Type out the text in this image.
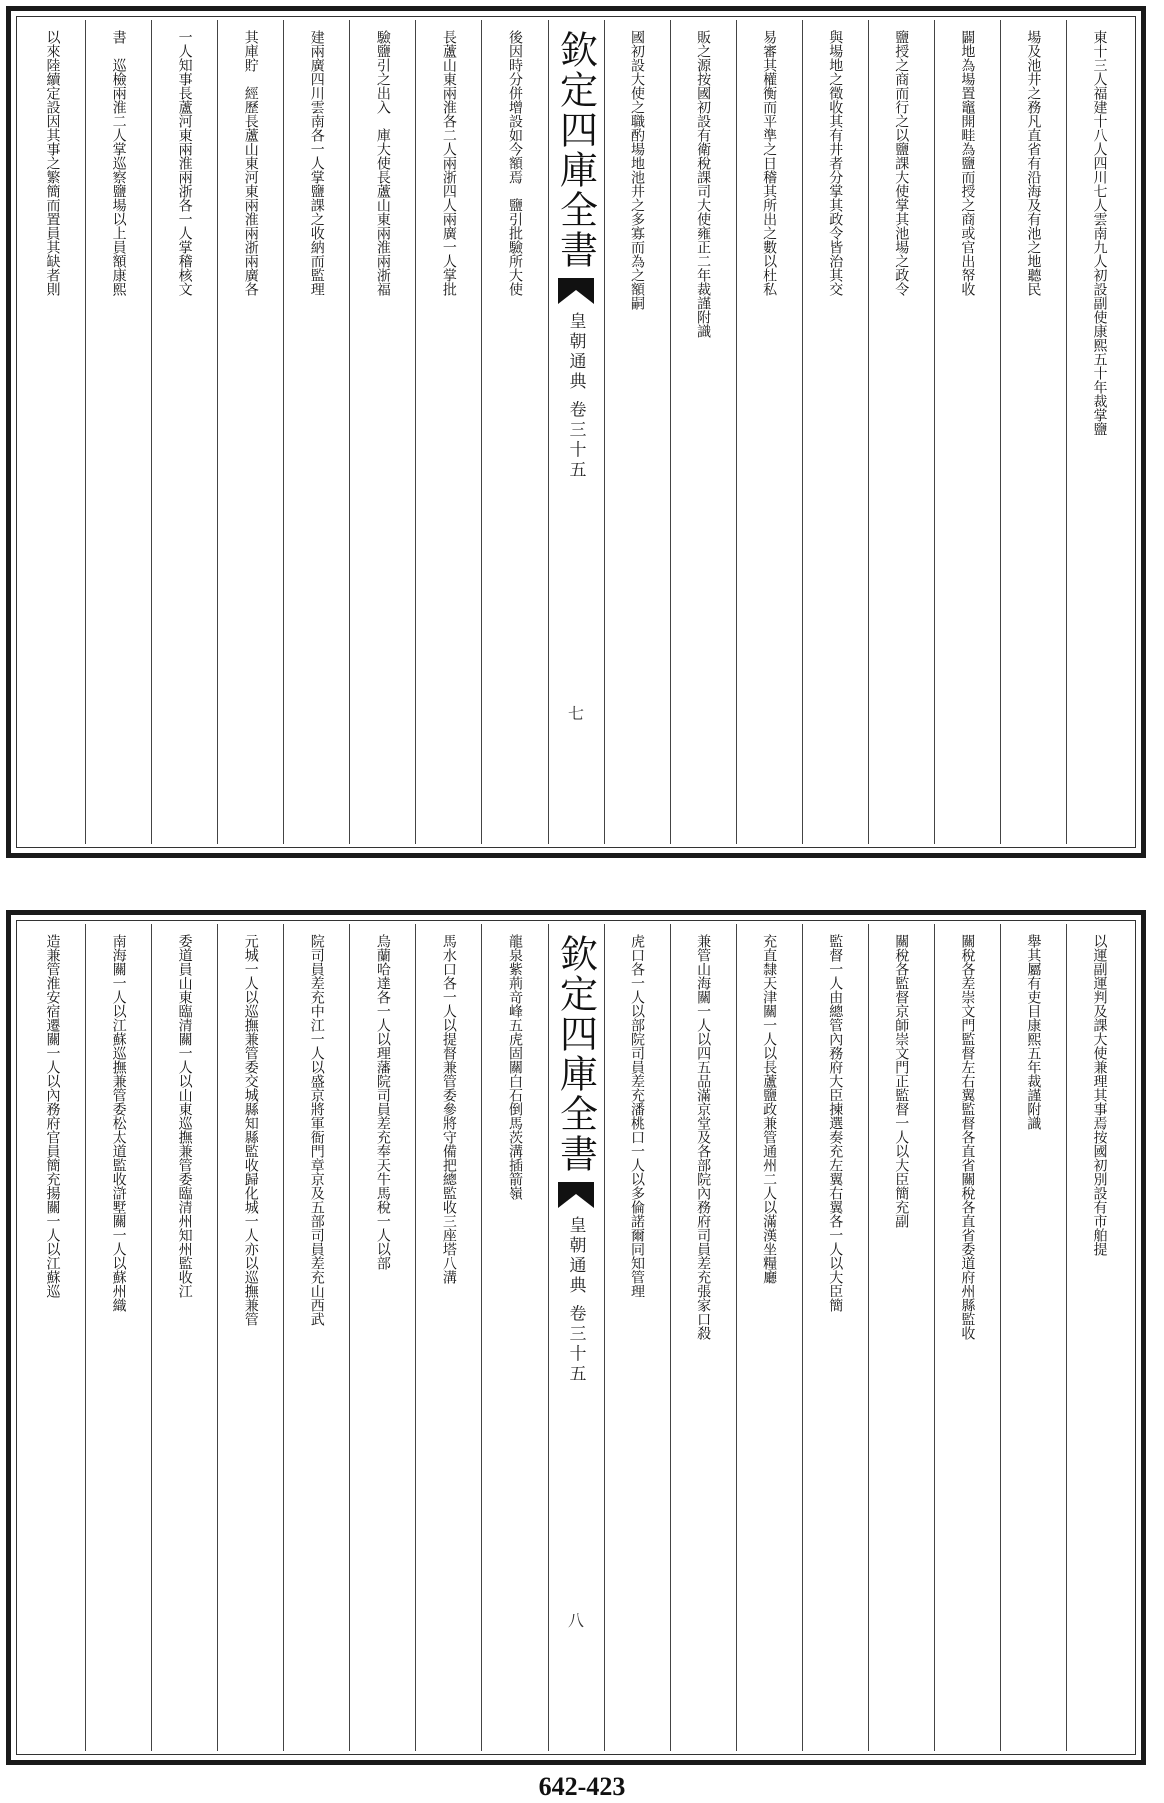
東十三人福建十八人四川七人雲南九人初設副使康熙五十年裁掌鹽
場及池井之務凡直省有沿海及有池之地聽民
闢地為場置竈開畦為鹽而授之商或官出帑收
鹽授之商而行之以鹽課大使掌其池場之政令
與場地之徵收其有井者分掌其政令皆治其交
易審其權衡而平準之日稽其所出之數以杜私
販之源按國初設有衛稅課司大使雍正二年裁謹附識
國初設大使之職酌場地池井之多寡而為之額嗣
欽定四庫全書
皇朝通典 卷三十五
七
後因時分併增設如今額焉　鹽引批驗所大使
長蘆山東兩淮各二人兩浙四人兩廣一人掌批
驗鹽引之出入　庫大使長蘆山東兩淮兩浙福
建兩廣四川雲南各一人掌鹽課之收納而監理
其庫貯　經歷長蘆山東河東兩淮兩浙兩廣各
一人知事長蘆河東兩淮兩浙各一人掌稽核文
書　巡檢兩淮二人掌巡察鹽場以上員額康熙
以來陸續定設因其事之繁簡而置員其缺者則
以運副運判及課大使兼理其事焉按國初別設有市舶提
舉其屬有吏目康熙五年裁謹附識
關稅各差崇文門監督左右翼監督各直省關稅各直省委道府州縣監收
關稅各監督京師崇文門正監督一人以大臣簡充副
監督一人由總管內務府大臣揀選奏充左翼右翼各一人以大臣簡
充直隸天津關一人以長蘆鹽政兼管通州二人以滿漢坐糧廳
兼管山海關一人以四五品滿京堂及各部院內務府司員差充張家口殺
虎口各一人以部院司員差充潘桃口一人以多倫諾爾同知管理
欽定四庫全書
皇朝通典 卷三十五
八
龍泉紫荊竒峰五虎固關白石倒馬茨溝插箭嶺
馬水口各一人以提督兼管委參將守備把總監收三座塔八溝
烏蘭哈達各一人以理藩院司員差充奉天牛馬稅一人以部
院司員差充中江一人以盛京將軍衙門章京及五部司員差充山西武
元城一人以巡撫兼管委交城縣知縣監收歸化城一人亦以巡撫兼管
委道員山東臨清關一人以山東巡撫兼管委臨清州知州監收江
南海關一人以江蘇巡撫兼管委松太道監收滸墅關一人以蘇州織
造兼管淮安宿遷關一人以內務府官員簡充揚關一人以江蘇巡
642-423
